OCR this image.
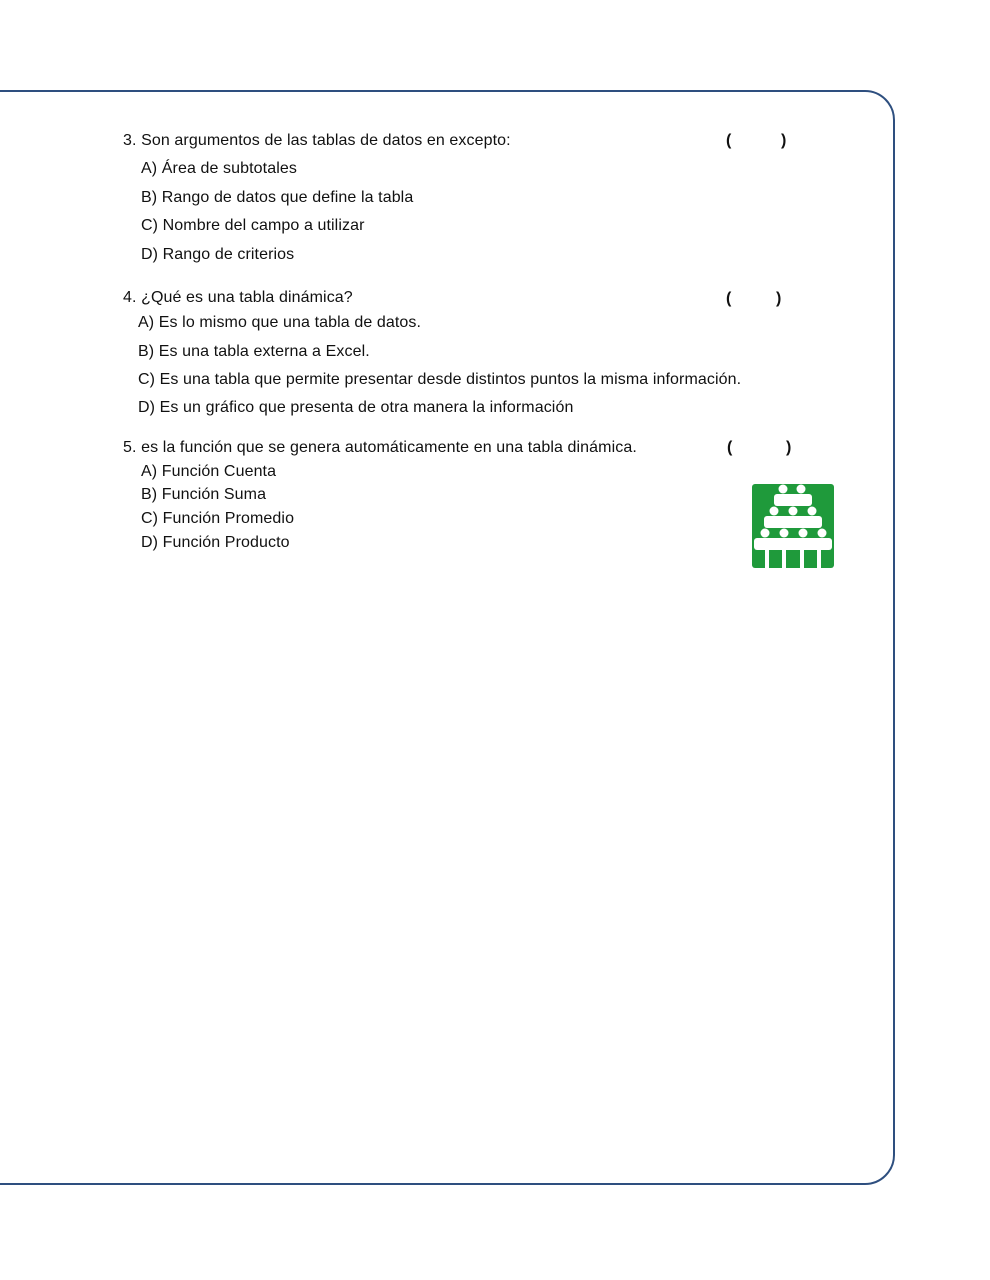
3. Son argumentos de las tablas de datos en excepto:	(	)
A) Área de subtotales
B) Rango de datos que define la tabla
C) Nombre del campo a utilizar
D) Rango de criterios
4. ¿Qué es una tabla dinámica?	(	)
A) Es lo mismo que una tabla de datos.
B) Es una tabla externa a Excel.
C) Es una tabla que permite presentar desde distintos puntos la misma información.
D) Es un gráfico que presenta de otra manera la información
5. es la función que se genera automáticamente en una tabla dinámica.	(	)
A) Función Cuenta
B) Función Suma
C) Función Promedio
D) Función Producto
